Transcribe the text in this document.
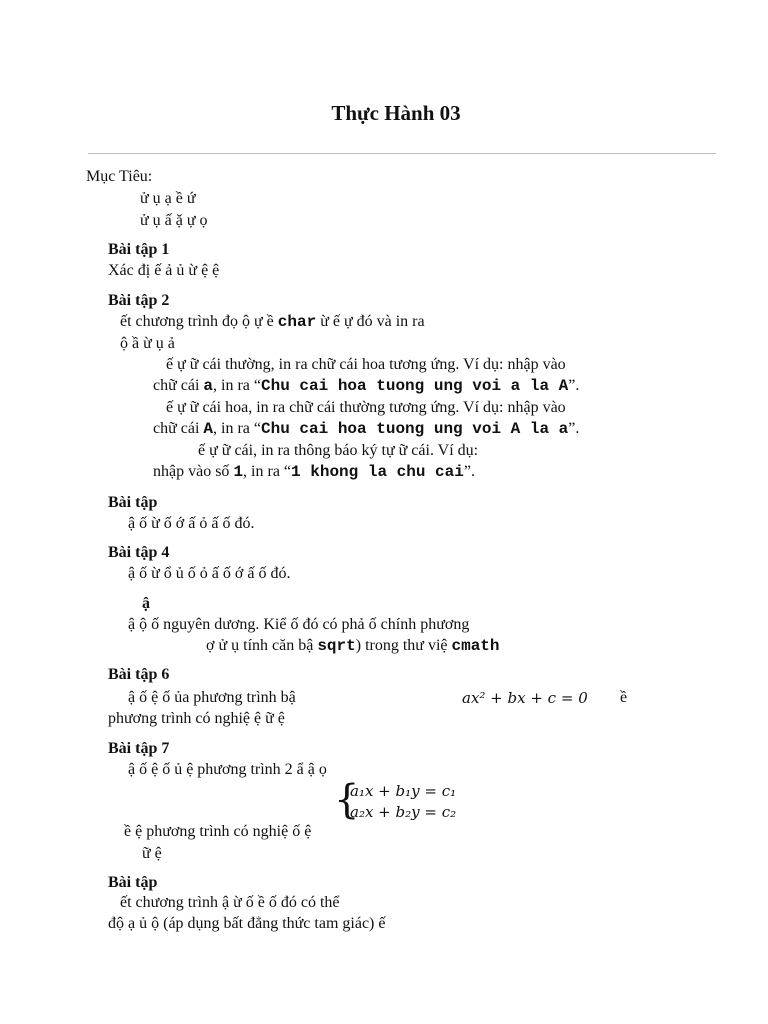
Thực Hành 03
Mục Tiêu:
ử ụ ạ ề ứ
ử ụ ấ ặ ự ọ
Bài tập 1
Xác đị ế ả ủ ừ ệ ệ
Bài tập 2
ết chương trình đọ ộ ự ề char ừ ế ự đó và in ra
ộ ầ ừ ụ ả
ế ự ữ cái thường, in ra chữ cái hoa tương ứng. Ví dụ: nhập vào
chữ cái a, in ra “Chu cai hoa tuong ung voi a la A”.
ế ự ữ cái hoa, in ra chữ cái thường tương ứng. Ví dụ: nhập vào
chữ cái A, in ra “Chu cai hoa tuong ung voi A la a”.
ế ự ữ cái, in ra thông báo ký tự ữ cái. Ví dụ:
nhập vào số 1, in ra “1 khong la chu cai”.
Bài tập
ậ ố ừ ố ớ ấ ỏ ấ ố đó.
Bài tập 4
ậ ố ừ ổ ủ ố ỏ ấ ố ớ ấ ố đó.
ậ
ậ ộ ố nguyên dương. Kiể ố đó có phả ố chính phương
ợ ử ụ tính căn bậ sqrt) trong thư việ cmath
Bài tập 6
ậ ố ệ ố ủa phương trình bậ	ax² + bx + c = 0 ề
phương trình có nghiệ ệ ữ ệ
Bài tập 7
ậ ố ệ ố ủ ệ phương trình 2 ẩ ậ ọ
{
a₁x + b₁y = c₁
a₂x + b₂y = c₂
ề ệ phương trình có nghiệ ố ệ
ữ ệ
Bài tập
ết chương trình ậ ừ ố ề ố đó có thể
độ ạ ủ ộ (áp dụng bất đẳng thức tam giác) ế
